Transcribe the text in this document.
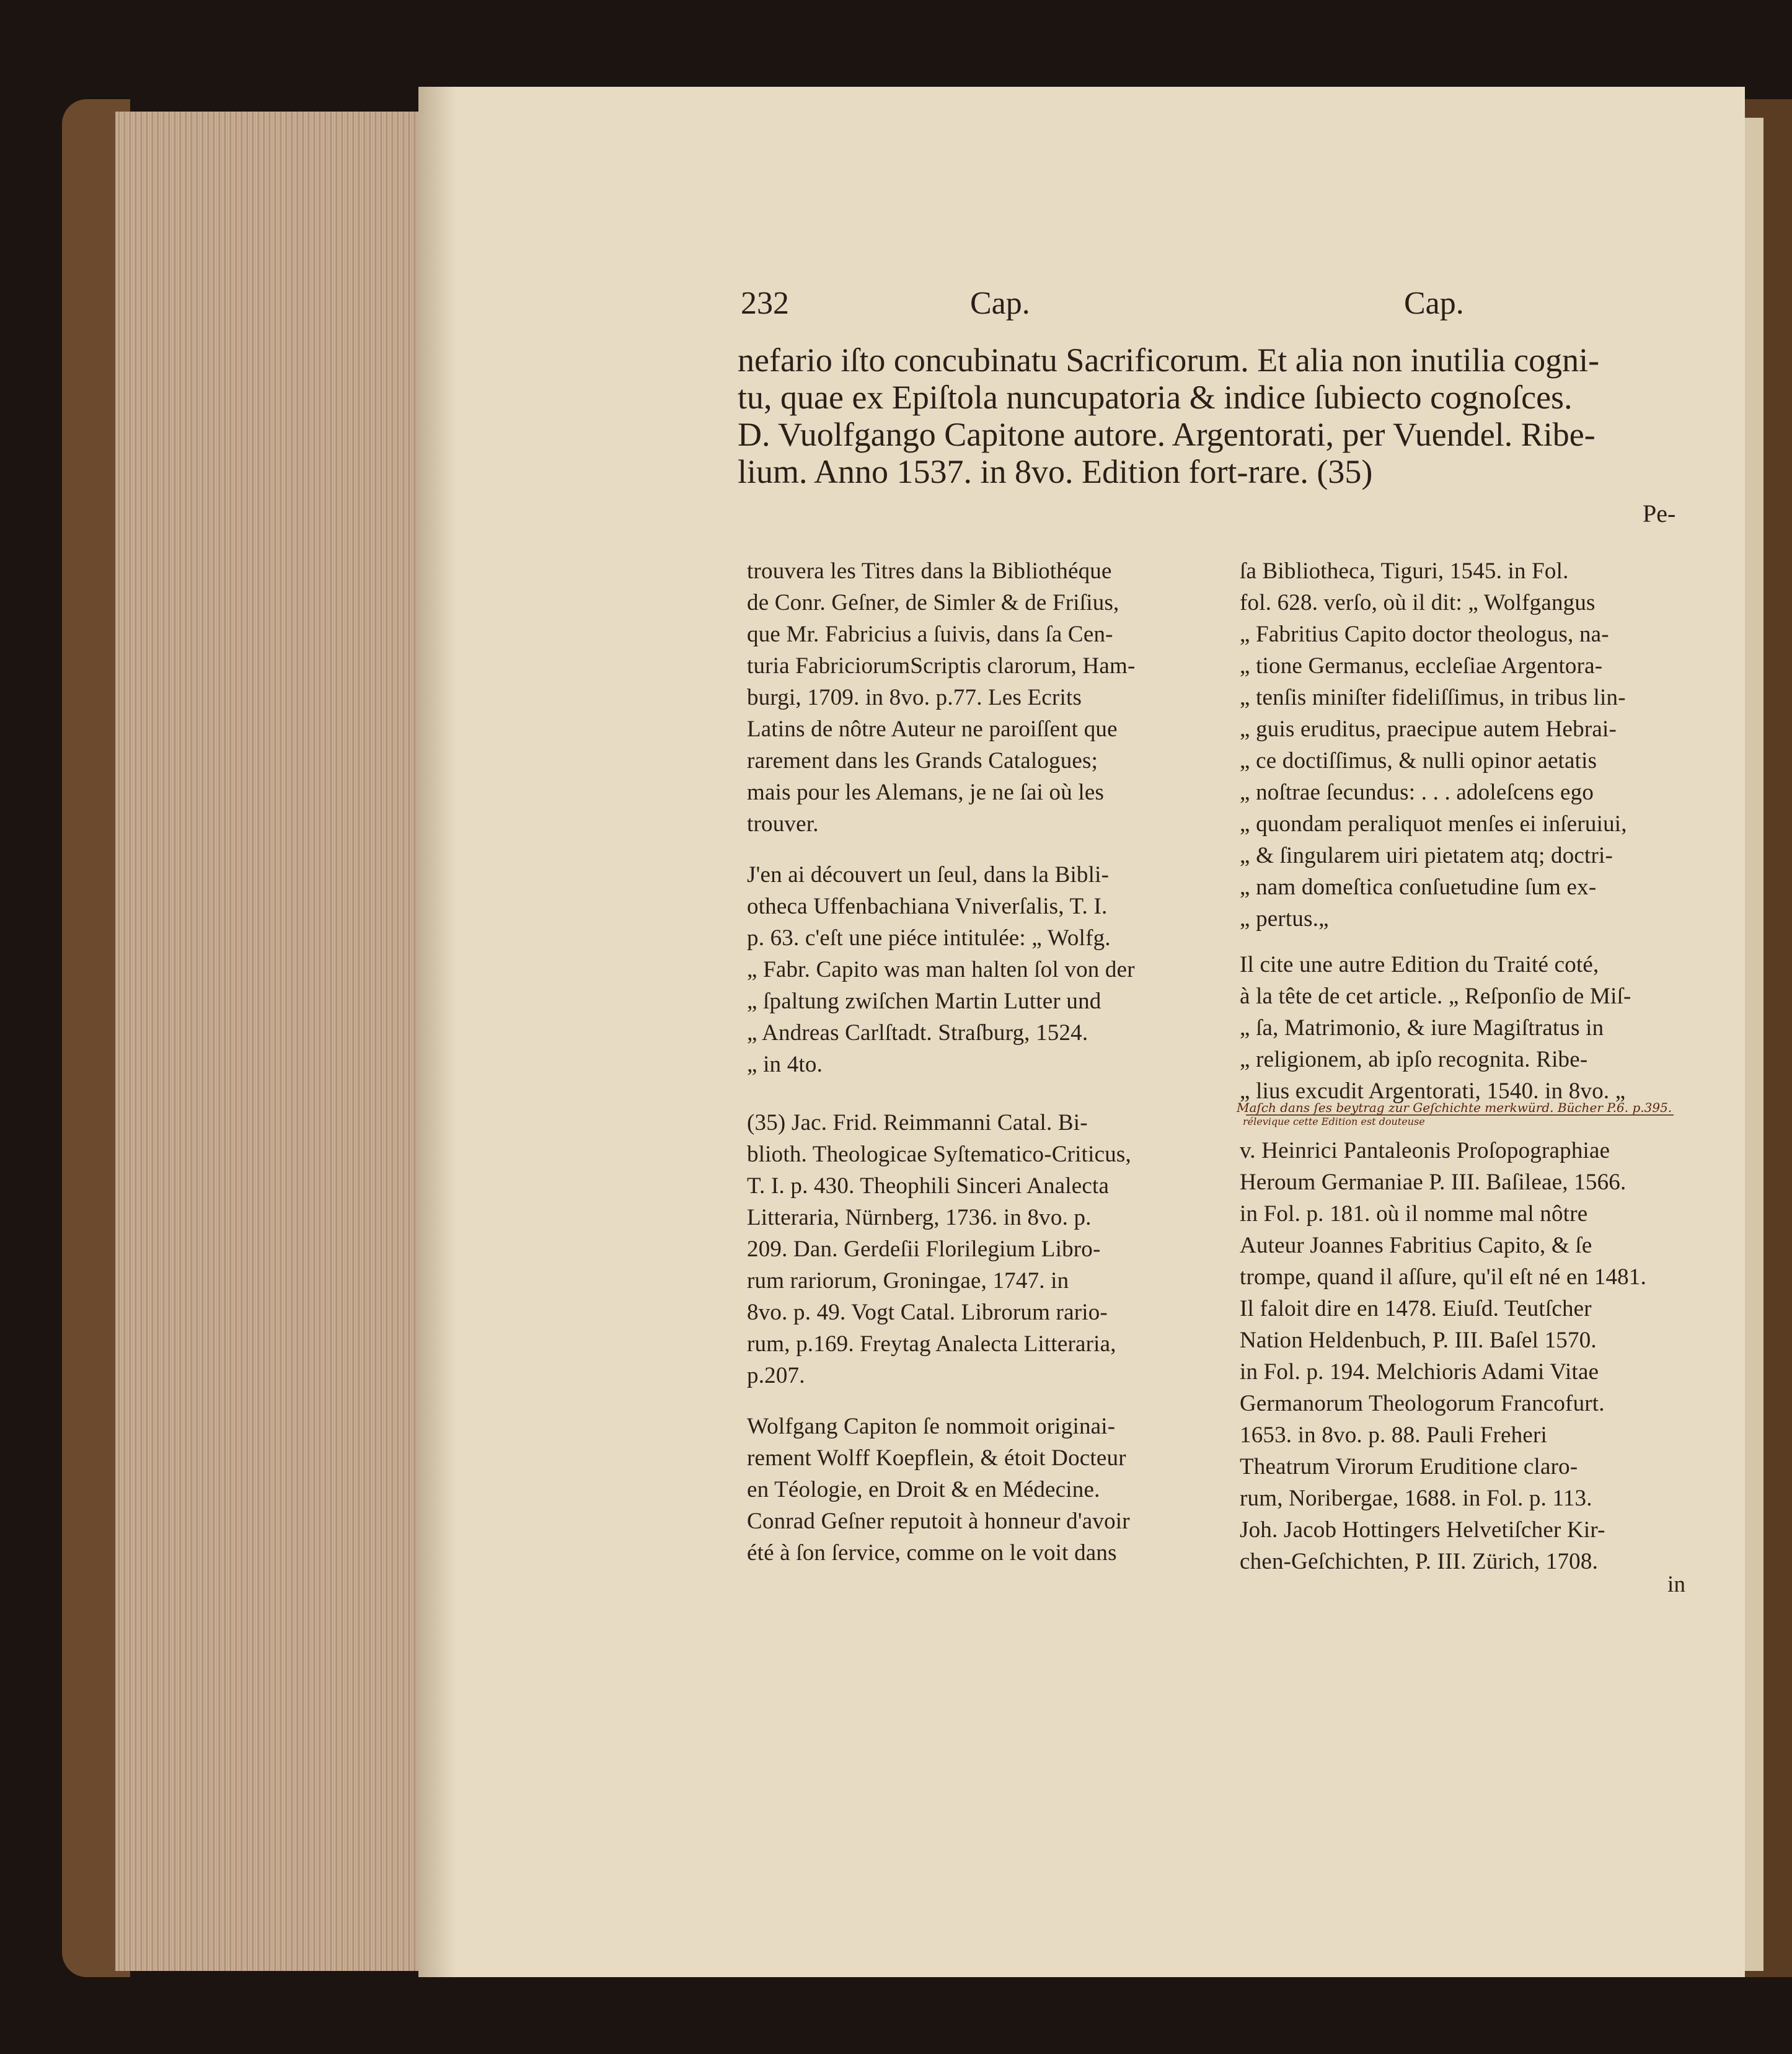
232	Cap.	Cap.
nefario iſto concubinatu Sacrificorum. Et alia non inutilia cogni-
tu, quae ex Epiſtola nuncupatoria & indice ſubiecto cognoſces.
D. Vuolfgango Capitone autore. Argentorati, per Vuendel. Ribe-
lium. Anno 1537. in 8vo. Edition fort-rare. (35)
Pe-
Maſch dans ſes beytrag zur Geſchichte merkwürd. Bücher P.6. p.395.
rélevique cette Edition est douteuse
in
trouvera les Titres dans la Bibliothéque
de Conr. Geſner, de Simler & de Friſius,
que Mr. Fabricius a ſuivis, dans ſa Cen-
turia FabriciorumScriptis clarorum, Ham-
burgi, 1709. in 8vo. p.77. Les Ecrits
Latins de nôtre Auteur ne paroiſſent que
rarement dans les Grands Catalogues;
mais pour les Alemans, je ne ſai où les
trouver.
J'en ai découvert un ſeul, dans la Bibli-
otheca Uffenbachiana Vniverſalis, T. I.
p. 63. c'eſt une piéce intitulée: „ Wolfg.
„ Fabr. Capito was man halten ſol von der
„ ſpaltung zwiſchen Martin Lutter und
„ Andreas Carlſtadt. Straſburg, 1524.
„ in 4to.
(35) Jac. Frid. Reimmanni Catal. Bi-
blioth. Theologicae Syſtematico-Criticus,
T. I. p. 430. Theophili Sinceri Analecta
Litteraria, Nürnberg, 1736. in 8vo. p.
209. Dan. Gerdeſii Florilegium Libro-
rum rariorum, Groningae, 1747. in
8vo. p. 49. Vogt Catal. Librorum rario-
rum, p.169. Freytag Analecta Litteraria,
p.207.
Wolfgang Capiton ſe nommoit originai-
rement Wolff Koepflein, & étoit Docteur
en Téologie, en Droit & en Médecine.
Conrad Geſner reputoit à honneur d'avoir
été à ſon ſervice, comme on le voit dans
ſa Bibliotheca, Tiguri, 1545. in Fol.
fol. 628. verſo, où il dit: „ Wolfgangus
„ Fabritius Capito doctor theologus, na-
„ tione Germanus, eccleſiae Argentora-
„ tenſis miniſter fideliſſimus, in tribus lin-
„ guis eruditus, praecipue autem Hebrai-
„ ce doctiſſimus, & nulli opinor aetatis
„ noſtrae ſecundus: . . . adoleſcens ego
„ quondam peraliquot menſes ei inſeruiui,
„ & ſingularem uiri pietatem atq; doctri-
„ nam domeſtica conſuetudine ſum ex-
„ pertus.„
Il cite une autre Edition du Traité coté,
à la tête de cet article. „ Reſponſio de Miſ-
„ ſa, Matrimonio, & iure Magiſtratus in
„ religionem, ab ipſo recognita. Ribe-
„ lius excudit Argentorati, 1540. in 8vo. „
v. Heinrici Pantaleonis Proſopographiae
Heroum Germaniae P. III. Baſileae, 1566.
in Fol. p. 181. où il nomme mal nôtre
Auteur Joannes Fabritius Capito, & ſe
trompe, quand il aſſure, qu'il eſt né en 1481.
Il faloit dire en 1478. Eiuſd. Teutſcher
Nation Heldenbuch, P. III. Baſel 1570.
in Fol. p. 194. Melchioris Adami Vitae
Germanorum Theologorum Francofurt.
1653. in 8vo. p. 88. Pauli Freheri
Theatrum Virorum Eruditione claro-
rum, Noribergae, 1688. in Fol. p. 113.
Joh. Jacob Hottingers Helvetiſcher Kir-
chen-Geſchichten, P. III. Zürich, 1708.
